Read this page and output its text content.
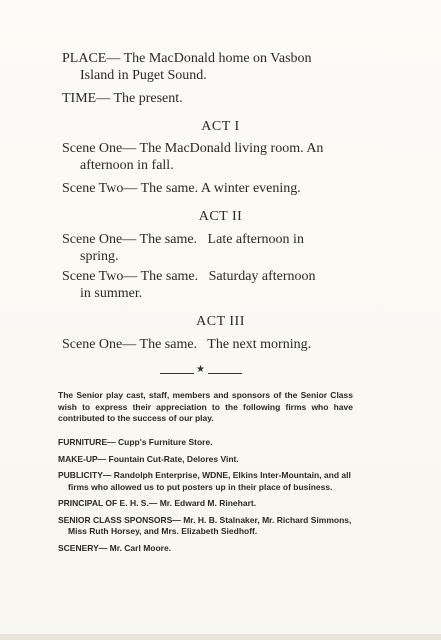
PLACE— The MacDonald home on Vasbon
Island in Puget Sound.
TIME— The present.
ACT I
Scene One— The MacDonald living room. An
afternoon in fall.
Scene Two— The same. A winter evening.
ACT II
Scene One— The same.   Late afternoon in
spring.
Scene Two— The same.   Saturday afternoon
in summer.
ACT III
Scene One— The same.   The next morning.
★

The Senior play cast, staff, members and sponsors of the Senior Class wish to express their appreciation to the following firms who have contributed to the success of our play.

FURNITURE— Cupp's Furniture Store.

MAKE-UP— Fountain Cut-Rate, Delores Vint.

PUBLICITY— Randolph Enterprise, WDNE, Elkins Inter-Mountain, and all firms who allowed us to put posters up in their place of business.

PRINCIPAL OF E. H. S.— Mr. Edward M. Rinehart.

SENIOR CLASS SPONSORS— Mr. H. B. Stalnaker, Mr. Richard Simmons, Miss Ruth Horsey, and Mrs. Elizabeth Siedhoff.

SCENERY— Mr. Carl Moore.
